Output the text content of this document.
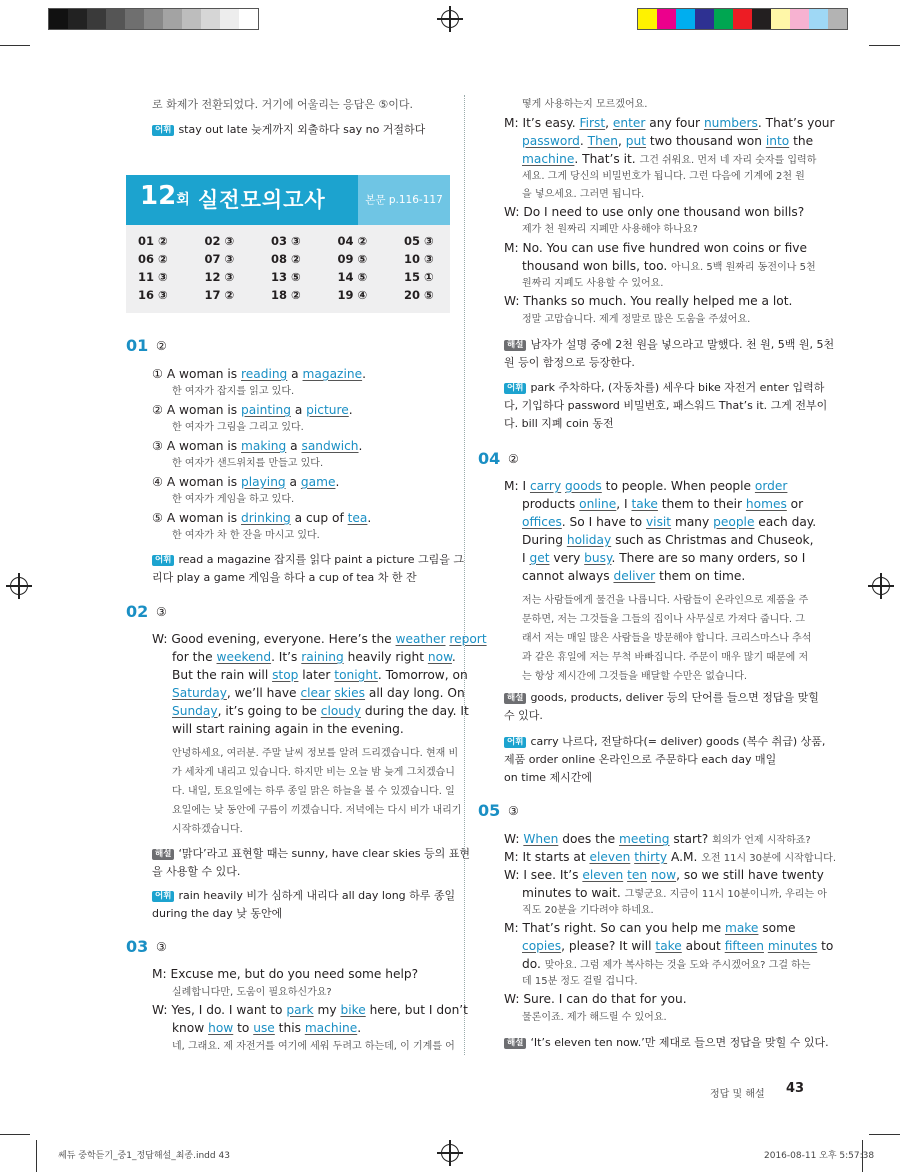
로 화제가 전환되었다. 거기에 어울리는 응답은 ⑤이다.
어휘 stay out late 늦게까지 외출하다 say no 거절하다
12회 실전모의고사	본문 p.116-117
01 ②	02 ③	03 ③	04 ②	05 ③
06 ②	07 ③	08 ②	09 ⑤	10 ③
11 ③	12 ③	13 ⑤	14 ⑤	15 ①
16 ③	17 ②	18 ②	19 ④	20 ⑤
01 ②
① A woman is reading a magazine.
한 여자가 잡지를 읽고 있다.
② A woman is painting a picture.
한 여자가 그림을 그리고 있다.
③ A woman is making a sandwich.
한 여자가 샌드위치를 만들고 있다.
④ A woman is playing a game.
한 여자가 게임을 하고 있다.
⑤ A woman is drinking a cup of tea.
한 여자가 차 한 잔을 마시고 있다.
어휘 read a magazine 잡지를 읽다 paint a picture 그림을 그
리다 play a game 게임을 하다 a cup of tea 차 한 잔
02 ③
W: Good evening, everyone. Here’s the weather report
for the weekend. It’s raining heavily right now.
But the rain will stop later tonight. Tomorrow, on
Saturday, we’ll have clear skies all day long. On
Sunday, it’s going to be cloudy during the day. It
will start raining again in the evening.
안녕하세요, 여러분. 주말 날씨 정보를 알려 드리겠습니다. 현재 비
가 세차게 내리고 있습니다. 하지만 비는 오늘 밤 늦게 그치겠습니
다. 내일, 토요일에는 하루 종일 맑은 하늘을 볼 수 있겠습니다. 일
요일에는 낮 동안에 구름이 끼겠습니다. 저녁에는 다시 비가 내리기
시작하겠습니다.
해설 ‘맑다’라고 표현할 때는 sunny, have clear skies 등의 표현
을 사용할 수 있다.
어휘 rain heavily 비가 심하게 내리다 all day long 하루 종일
during the day 낮 동안에
03 ③
M: Excuse me, but do you need some help?
실례합니다만, 도움이 필요하신가요?
W: Yes, I do. I want to park my bike here, but I don’t
know how to use this machine.
네, 그래요. 제 자전거를 여기에 세워 두려고 하는데, 이 기계를 어
떻게 사용하는지 모르겠어요.
M: It’s easy. First, enter any four numbers. That’s your
password. Then, put two thousand won into the
machine. That’s it. 그건 쉬워요. 먼저 네 자리 숫자를 입력하
세요. 그게 당신의 비밀번호가 됩니다. 그런 다음에 기계에 2천 원
을 넣으세요. 그러면 됩니다.
W: Do I need to use only one thousand won bills?
제가 천 원짜리 지폐만 사용해야 하나요?
M: No. You can use five hundred won coins or five
thousand won bills, too. 아니요. 5백 원짜리 동전이나 5천
원짜리 지폐도 사용할 수 있어요.
W: Thanks so much. You really helped me a lot.
정말 고맙습니다. 제게 정말로 많은 도움을 주셨어요.
해설 남자가 설명 중에 2천 원을 넣으라고 말했다. 천 원, 5백 원, 5천
원 등이 함정으로 등장한다.
어휘 park 주차하다, (자동차를) 세우다 bike 자전거 enter 입력하
다, 기입하다 password 비밀번호, 패스워드 That’s it. 그게 전부이
다. bill 지폐 coin 동전
04 ②
M: I carry goods to people. When people order
products online, I take them to their homes or
offices. So I have to visit many people each day.
During holiday such as Christmas and Chuseok,
I get very busy. There are so many orders, so I
cannot always deliver them on time.
저는 사람들에게 물건을 나릅니다. 사람들이 온라인으로 제품을 주
문하면, 저는 그것들을 그들의 집이나 사무실로 가져다 줍니다. 그
래서 저는 매일 많은 사람들을 방문해야 합니다. 크리스마스나 추석
과 같은 휴일에 저는 무척 바빠집니다. 주문이 매우 많기 때문에 저
는 항상 제시간에 그것들을 배달할 수만은 없습니다.
해설 goods, products, deliver 등의 단어를 들으면 정답을 맞힐
수 있다.
어휘 carry 나르다, 전달하다(= deliver) goods (복수 취급) 상품,
제품 order online 온라인으로 주문하다 each day 매일
on time 제시간에
05 ③
W: When does the meeting start? 회의가 언제 시작하죠?
M: It starts at eleven thirty A.M. 오전 11시 30분에 시작합니다.
W: I see. It’s eleven ten now, so we still have twenty
minutes to wait. 그렇군요. 지금이 11시 10분이니까, 우리는 아
직도 20분을 기다려야 하네요.
M: That’s right. So can you help me make some
copies, please? It will take about fifteen minutes to
do. 맞아요. 그럼 제가 복사하는 것을 도와 주시겠어요? 그걸 하는
데 15분 정도 걸릴 겁니다.
W: Sure. I can do that for you.
물론이죠. 제가 해드릴 수 있어요.
해설 ‘It’s eleven ten now.’만 제대로 들으면 정답을 맞힐 수 있다.
정답 및 해설 43
쎄듀 중학듣기_중1_정답해설_최종.indd 43	2016-08-11 오후 5:57:38
